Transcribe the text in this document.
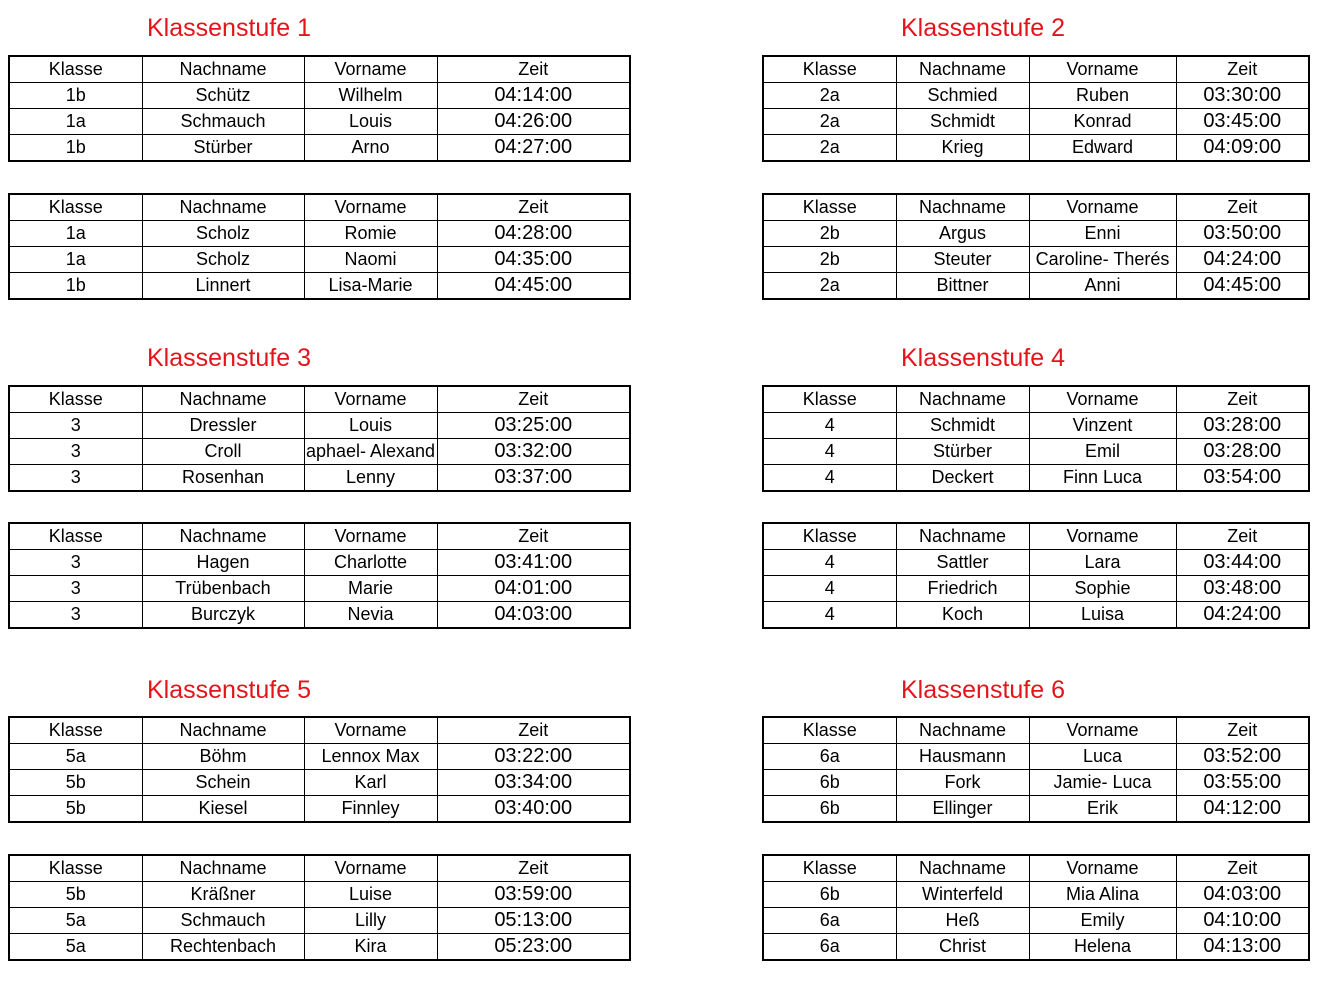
Klassenstufe 1
Klasse	Nachname	Vorname	Zeit
1b	Schütz	Wilhelm	04:14:00
1a	Schmauch	Louis	04:26:00
1b	Stürber	Arno	04:27:00
Klasse	Nachname	Vorname	Zeit
1a	Scholz	Romie	04:28:00
1a	Scholz	Naomi	04:35:00
1b	Linnert	Lisa-Marie	04:45:00
Klassenstufe 2
Klasse	Nachname	Vorname	Zeit
2a	Schmied	Ruben	03:30:00
2a	Schmidt	Konrad	03:45:00
2a	Krieg	Edward	04:09:00
Klasse	Nachname	Vorname	Zeit
2b	Argus	Enni	03:50:00
2b	Steuter	Caroline- Therés	04:24:00
2a	Bittner	Anni	04:45:00
Klassenstufe 3
Klasse	Nachname	Vorname	Zeit
3	Dressler	Louis	03:25:00
3	Croll	aphael- Alexand	03:32:00
3	Rosenhan	Lenny	03:37:00
Klasse	Nachname	Vorname	Zeit
3	Hagen	Charlotte	03:41:00
3	Trübenbach	Marie	04:01:00
3	Burczyk	Nevia	04:03:00
Klassenstufe 4
Klasse	Nachname	Vorname	Zeit
4	Schmidt	Vinzent	03:28:00
4	Stürber	Emil	03:28:00
4	Deckert	Finn Luca	03:54:00
Klasse	Nachname	Vorname	Zeit
4	Sattler	Lara	03:44:00
4	Friedrich	Sophie	03:48:00
4	Koch	Luisa	04:24:00
Klassenstufe 5
Klasse	Nachname	Vorname	Zeit
5a	Böhm	Lennox Max	03:22:00
5b	Schein	Karl	03:34:00
5b	Kiesel	Finnley	03:40:00
Klasse	Nachname	Vorname	Zeit
5b	Kräßner	Luise	03:59:00
5a	Schmauch	Lilly	05:13:00
5a	Rechtenbach	Kira	05:23:00
Klassenstufe 6
Klasse	Nachname	Vorname	Zeit
6a	Hausmann	Luca	03:52:00
6b	Fork	Jamie- Luca	03:55:00
6b	Ellinger	Erik	04:12:00
Klasse	Nachname	Vorname	Zeit
6b	Winterfeld	Mia Alina	04:03:00
6a	Heß	Emily	04:10:00
6a	Christ	Helena	04:13:00
